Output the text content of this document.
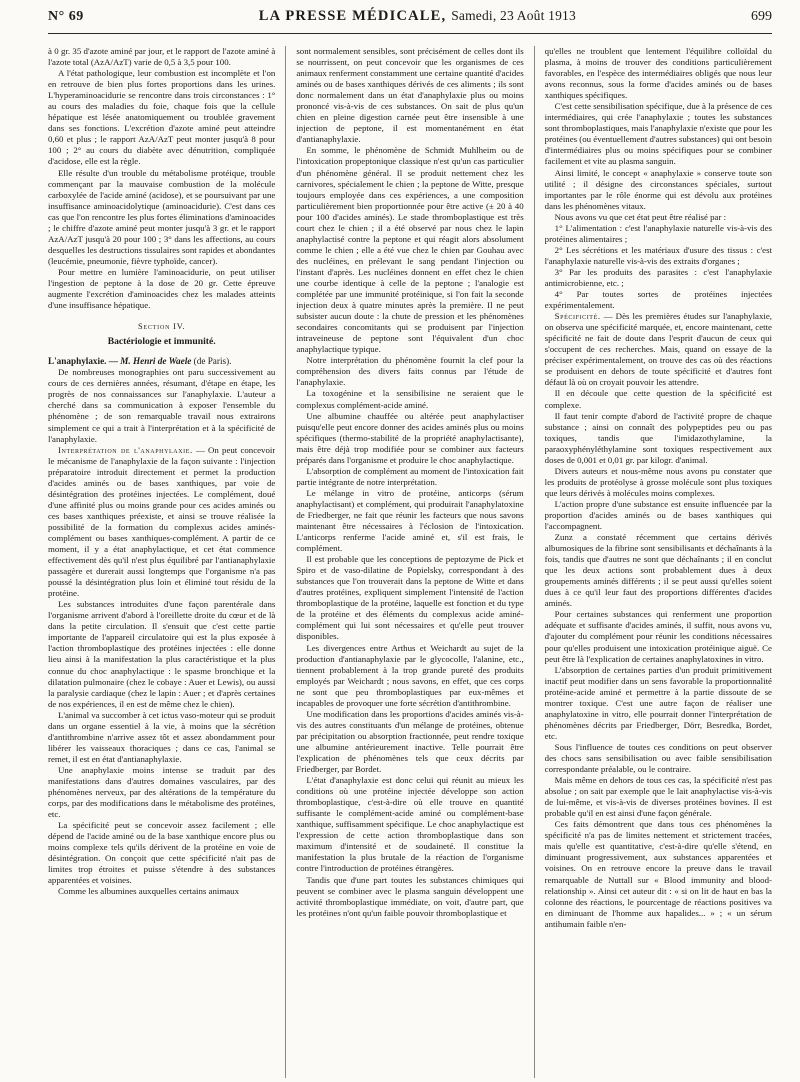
N° 69	LA PRESSE MÉDICALE, Samedi, 23 Août 1913	699

à 0 gr. 35 d'azote aminé par jour, et le rapport de l'azote aminé à l'azote total (AzA/AzT) varie de 0,5 à 3,5 pour 100.

A l'état pathologique, leur combustion est incomplète et l'on en retrouve de bien plus fortes proportions dans les urines. L'hyperaminoacidurie se rencontre dans trois circonstances : 1° au cours des maladies du foie, chaque fois que la cellule hépatique est lésée anatomiquement ou troublée gravement dans ses fonctions. L'excrétion d'azote aminé peut atteindre 0,60 et plus ; le rapport AzA/AzT peut monter jusqu'à 8 pour 100 ; 2° au cours du diabète avec dénutrition, compliquée d'acidose, elle est la règle.

Elle résulte d'un trouble du métabolisme protéique, trouble commençant par la mauvaise combustion de la molécule carboxylée de l'acide aminé (acidose), et se poursuivant par une insuffisance aminoacidolytique (aminoacidurie). C'est dans ces cas que l'on rencontre les plus fortes éliminations d'aminoacides ; le chiffre d'azote aminé peut monter jusqu'à 3 gr. et le rapport AzA/AzT jusqu'à 20 pour 100 ; 3° dans les affections, au cours desquelles les destructions tissulaires sont rapides et abondantes (leucémie, pneumonie, fièvre typhoïde, cancer).

Pour mettre en lumière l'aminoacidurie, on peut utiliser l'ingestion de peptone à la dose de 20 gr. Cette épreuve augmente l'excrétion d'aminoacides chez les malades atteints d'une insuffisance hépatique.

Section IV.

Bactériologie et immunité.

L'anaphylaxie. — M. Henri de Waele (de Paris).

De nombreuses monographies ont paru successivement au cours de ces dernières années, résumant, d'étape en étape, les progrès de nos connaissances sur l'anaphylaxie. L'auteur a cherché dans sa communication à exposer l'ensemble du phénomène ; de son remarquable travail nous extrairons simplement ce qui a trait à l'interprétation et à la spécificité de l'anaphylaxie.

Interprétation de l'anaphylaxie. — On peut concevoir le mécanisme de l'anaphylaxie de la façon suivante : l'injection préparatoire introduit directement et permet la production d'acides aminés ou de bases xanthiques, par voie de désintégration des protéines injectées. Le complément, doué d'une affinité plus ou moins grande pour ces acides aminés ou ces bases xanthiques préexiste, et ainsi se trouve réalisée la possibilité de la formation du complexus acides aminés-complément ou bases xanthiques-complément. A partir de ce moment, il y a état anaphylactique, et cet état commence effectivement dès qu'il n'est plus équilibré par l'antianaphylaxie passagère et durerait aussi longtemps que l'organisme n'a pas poussé la désintégration plus loin et éliminé tout résidu de la protéine.

Les substances introduites d'une façon parentérale dans l'organisme arrivent d'abord à l'oreillette droite du cœur et de là dans la petite circulation. Il s'ensuit que c'est cette partie importante de l'appareil circulatoire qui est la plus exposée à l'action thromboplastique des protéines injectées : elle donne lieu ainsi à la manifestation la plus caractéristique et la plus connue du choc anaphylactique : le spasme bronchique et la dilatation pulmonaire (chez le cobaye : Auer et Lewis), ou aussi la paralysie cardiaque (chez le lapin : Auer ; et d'après certaines de nos expériences, il en est de même chez le chien).

L'animal va succomber à cet ictus vaso-moteur qui se produit dans un organe essentiel à la vie, à moins que la sécrétion d'antithrombine n'arrive assez tôt et assez abondamment pour libérer les vaisseaux thoraciques ; dans ce cas, l'animal se remet, il est en état d'antianaphylaxie.

Une anaphylaxie moins intense se traduit par des manifestations dans d'autres domaines vasculaires, par des phénomènes nerveux, par des altérations de la température du corps, par des modifications dans le métabolisme des protéines, etc.

La spécificité peut se concevoir assez facilement ; elle dépend de l'acide aminé ou de la base xanthique encore plus ou moins complexe tels qu'ils dérivent de la protéine en voie de désintégration. On conçoit que cette spécificité n'ait pas de limites trop étroites et puisse s'étendre à des substances apparentées et voisines.

Comme les albumines auxquelles certains animaux

sont normalement sensibles, sont précisément de celles dont ils se nourrissent, on peut concevoir que les organismes de ces animaux renferment constamment une certaine quantité d'acides aminés ou de bases xanthiques dérivés de ces aliments ; ils sont donc normalement dans un état d'anaphylaxie plus ou moins prononcé vis-à-vis de ces substances. On sait de plus qu'un chien en pleine digestion carnée peut être insensible à une injection de peptone, il est momentanément en état d'antianaphylaxie.

En somme, le phénomène de Schmidt Muhlheim ou de l'intoxication propeptonique classique n'est qu'un cas particulier d'un phénomène général. Il se produit nettement chez les carnivores, spécialement le chien ; la peptone de Witte, presque toujours employée dans ces expériences, a une composition particulièrement bien proportionnée pour être active (± 20 à 40 pour 100 d'acides aminés). Le stade thromboplastique est très court chez le chien ; il a été observé par nous chez le lapin anaphylactisé contre la peptone et qui réagit alors absolument comme le chien ; elle a été vue chez le chien par Gouhau avec des nucléines, en prélevant le sang pendant l'injection ou l'instant d'après. Les nucléines donnent en effet chez le chien une courbe identique à celle de la peptone ; l'analogie est complétée par une immunité protéinique, si l'on fait la seconde injection deux à quatre minutes après la première. Il ne peut subsister aucun doute : la chute de pression et les phénomènes secondaires concomitants qui se produisent par l'injection intraveineuse de peptone sont l'équivalent d'un choc anaphylactique typique.

Notre interprétation du phénomène fournit la clef pour la compréhension des divers faits connus par l'étude de l'anaphylaxie.

La toxogénine et la sensibilisine ne seraient que le complexus complément-acide aminé.

Une albumine chauffée ou altérée peut anaphylactiser puisqu'elle peut encore donner des acides aminés plus ou moins spécifiques (thermo-stabilité de la propriété anaphylactisante), mais être déjà trop modifiée pour se combiner aux facteurs préparés dans l'organisme et produire le choc anaphylactique.

L'absorption de complément au moment de l'intoxication fait partie intégrante de notre interprétation.

Le mélange in vitro de protéine, anticorps (sérum anaphylactisant) et complément, qui produirait l'anaphylatoxine de Friedberger, ne fait que réunir les facteurs que nous savons maintenant être nécessaires à l'éclosion de l'intoxication. L'anticorps renferme l'acide aminé et, s'il est frais, le complément.

Il est probable que les conceptions de peptozyme de Pick et Spiro et de vaso-dilatine de Popielsky, correspondant à des substances que l'on trouverait dans la peptone de Witte et dans d'autres protéines, expliquent simplement l'intensité de l'action thromboplastique de la protéine, laquelle est fonction et du type de la protéine et des éléments du complexus acide aminé-complément qui lui sont nécessaires et qu'elle peut trouver disponibles.

Les divergences entre Arthus et Weichardt au sujet de la production d'antianaphylaxie par le glycocolle, l'alanine, etc., tiennent probablement à la trop grande pureté des produits employés par Weichardt ; nous savons, en effet, que ces corps ne sont que peu thromboplastiques par eux-mêmes et incapables de provoquer une forte sécrétion d'antithrombine.

Une modification dans les proportions d'acides aminés vis-à-vis des autres constituants d'un mélange de protéines, obtenue par précipitation ou absorption fractionnée, peut rendre toxique une albumine antérieurement inactive. Telle pourrait être l'explication de phénomènes tels que ceux décrits par Friedberger, par Bordet.

L'état d'anaphylaxie est donc celui qui réunit au mieux les conditions où une protéine injectée développe son action thromboplastique, c'est-à-dire où elle trouve en quantité suffisante le complément-acide aminé ou complément-base xanthique, suffisamment spécifique. Le choc anaphylactique est l'expression de cette action thromboplastique dans son maximum d'intensité et de soudaineté. Il constitue la manifestation la plus brutale de la réaction de l'organisme contre l'introduction de protéines étrangères.

Tandis que d'une part toutes les substances chimiques qui peuvent se combiner avec le plasma sanguin développent une activité thromboplastique immédiate, on voit, d'autre part, que les protéines n'ont qu'un faible pouvoir thromboplastique et

qu'elles ne troublent que lentement l'équilibre colloïdal du plasma, à moins de trouver des conditions particulièrement favorables, en l'espèce des intermédiaires obligés que nous leur avons reconnus, sous la forme d'acides aminés ou de bases xanthiques spécifiques.

C'est cette sensibilisation spécifique, due à la présence de ces intermédiaires, qui crée l'anaphylaxie ; toutes les substances sont thromboplastiques, mais l'anaphylaxie n'existe que pour les protéines (ou éventuellement d'autres substances) qui ont besoin d'intermédiaires plus ou moins spécifiques pour se combiner facilement et vite au plasma sanguin.

Ainsi limité, le concept « anaphylaxie » conserve toute son utilité ; il désigne des circonstances spéciales, surtout importantes par le rôle énorme qui est dévolu aux protéines dans les phénomènes vitaux.

Nous avons vu que cet état peut être réalisé par :

1° L'alimentation : c'est l'anaphylaxie naturelle vis-à-vis des protéines alimentaires ;

2° Les sécrétions et les matériaux d'usure des tissus : c'est l'anaphylaxie naturelle vis-à-vis des extraits d'organes ;

3° Par les produits des parasites : c'est l'anaphylaxie antimicrobienne, etc. ;

4° Par toutes sortes de protéines injectées expérimentalement.

Spécificité. — Dès les premières études sur l'anaphylaxie, on observa une spécificité marquée, et, encore maintenant, cette spécificité ne fait de doute dans l'esprit d'aucun de ceux qui s'occupent de ces recherches. Mais, quand on essaye de la préciser expérimentalement, on trouve des cas où des réactions se produisent en dehors de toute spécificité et d'autres font défaut là où on croyait pouvoir les attendre.

Il en découle que cette question de la spécificité est complexe.

Il faut tenir compte d'abord de l'activité propre de chaque substance ; ainsi on connaît des polypeptides peu ou pas toxiques, tandis que l'imidazothylamine, la paraoxyphényléthylamine sont toxiques respectivement aux doses de 0,001 et 0,01 gr. par kilogr. d'animal.

Divers auteurs et nous-même nous avons pu constater que les produits de protéolyse à grosse molécule sont plus toxiques que leurs dérivés à molécules moins complexes.

L'action propre d'une substance est ensuite influencée par la proportion d'acides aminés ou de bases xanthiques qui l'accompagnent.

Zunz a constaté récemment que certains dérivés albumosiques de la fibrine sont sensibilisants et déchaînants à la fois, tandis que d'autres ne sont que déchaînants ; il en conclut que les deux actions sont probablement dues à deux groupements aminés différents ; il se peut aussi qu'elles soient dues à ce qu'il leur faut des proportions différentes d'acides aminés.

Pour certaines substances qui renferment une proportion adéquate et suffisante d'acides aminés, il suffit, nous avons vu, d'ajouter du complément pour réunir les conditions nécessaires pour qu'elles produisent une intoxication protéinique aiguë. Ce peut être là l'explication de certaines anaphylatoxines in vitro.

L'absorption de certaines parties d'un produit primitivement inactif peut modifier dans un sens favorable la proportionnalité protéine-acide aminé et permettre à la partie dissoute de se montrer toxique. C'est une autre façon de réaliser une anaphylatoxine in vitro, elle pourrait donner l'interprétation de phénomènes décrits par Friedberger, Dörr, Besredka, Bordet, etc.

Sous l'influence de toutes ces conditions on peut observer des chocs sans sensibilisation ou avec faible sensibilisation correspondante préalable, ou le contraire.

Mais même en dehors de tous ces cas, la spécificité n'est pas absolue ; on sait par exemple que le lait anaphylactise vis-à-vis de lui-même, et vis-à-vis de diverses protéines bovines. Il est probable qu'il en est ainsi d'une façon générale.

Ces faits démontrent que dans tous ces phénomènes la spécificité n'a pas de limites nettement et strictement tracées, mais qu'elle est quantitative, c'est-à-dire qu'elle s'étend, en diminuant progressivement, aux substances apparentées et voisines. On en retrouve encore la preuve dans le travail remarquable de Nuttall sur « Blood immunity and blood-relationship ». Ainsi cet auteur dit : « si on lit de haut en bas la colonne des réactions, le pourcentage de réactions positives va en diminuant de l'homme aux hapalides... » ; « un sérum antihumain faible n'en-
